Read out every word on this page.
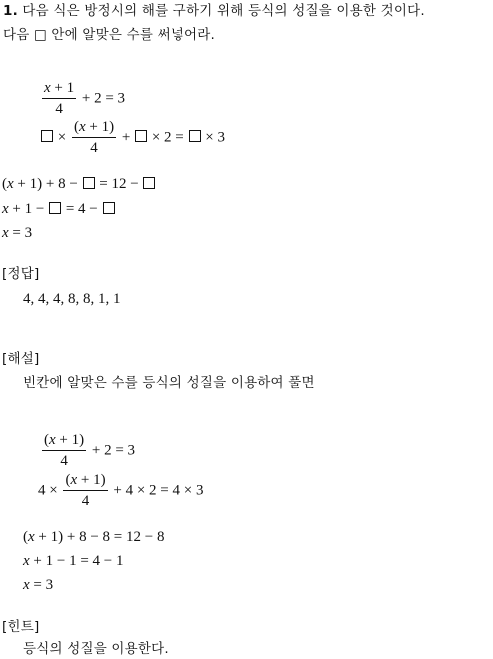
1. 다음 식은 방정시의 해를 구하기 위해 등식의 성질을 이용한 것이다.
다음 □ 안에 알맞은 수를 써넣어라.
$\frac{x + 1}{4} + 2 = 3$
× $\frac{(x + 1)}{4}$ +  × 2 =  × 3
(x + 1) + 8 −  = 12 −
x + 1 −  = 4 −
x = 3
[정답]
4, 4, 4, 8, 8, 1, 1
[해설]
빈칸에 알맞은 수를 등식의 성질을 이용하여 풀면
$\frac{(x + 1)}{4} + 2 = 3$
$4 \times \frac{(x + 1)}{4} + 4 \times 2 = 4 \times 3$
(x + 1) + 8 − 8 = 12 − 8
x + 1 − 1 = 4 − 1
x = 3
[힌트]
등식의 성질을 이용한다.
